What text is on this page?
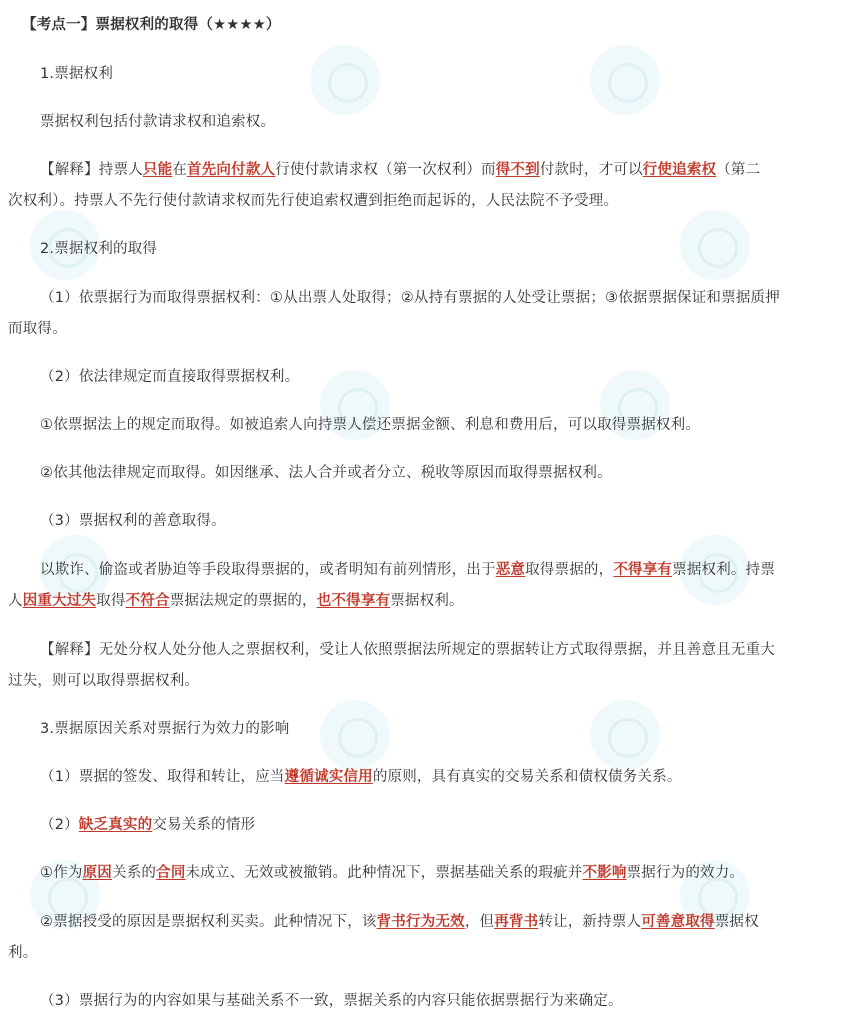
【考点一】票据权利的取得（★★★★）

1.票据权利

票据权利包括付款请求权和追索权。

【解释】持票人只能在首先向付款人行使付款请求权（第一次权利）而得不到付款时，才可以行使追索权（第二

次权利）。持票人不先行使付款请求权而先行使追索权遭到拒绝而起诉的，人民法院不予受理。

2.票据权利的取得

（1）依票据行为而取得票据权利：①从出票人处取得；②从持有票据的人处受让票据；③依据票据保证和票据质押

而取得。

（2）依法律规定而直接取得票据权利。

①依票据法上的规定而取得。如被追索人向持票人偿还票据金额、利息和费用后，可以取得票据权利。

②依其他法律规定而取得。如因继承、法人合并或者分立、税收等原因而取得票据权利。

（3）票据权利的善意取得。

以欺诈、偷盗或者胁迫等手段取得票据的，或者明知有前列情形，出于恶意取得票据的，不得享有票据权利。持票

人因重大过失取得不符合票据法规定的票据的，也不得享有票据权利。

【解释】无处分权人处分他人之票据权利，受让人依照票据法所规定的票据转让方式取得票据，并且善意且无重大

过失，则可以取得票据权利。

3.票据原因关系对票据行为效力的影响

（1）票据的签发、取得和转让，应当遵循诚实信用的原则，具有真实的交易关系和债权债务关系。

（2）缺乏真实的交易关系的情形

①作为原因关系的合同未成立、无效或被撤销。此种情况下，票据基础关系的瑕疵并不影响票据行为的效力。

②票据授受的原因是票据权利买卖。此种情况下，该背书行为无效，但再背书转让，新持票人可善意取得票据权

利。

（3）票据行为的内容如果与基础关系不一致，票据关系的内容只能依据票据行为来确定。
